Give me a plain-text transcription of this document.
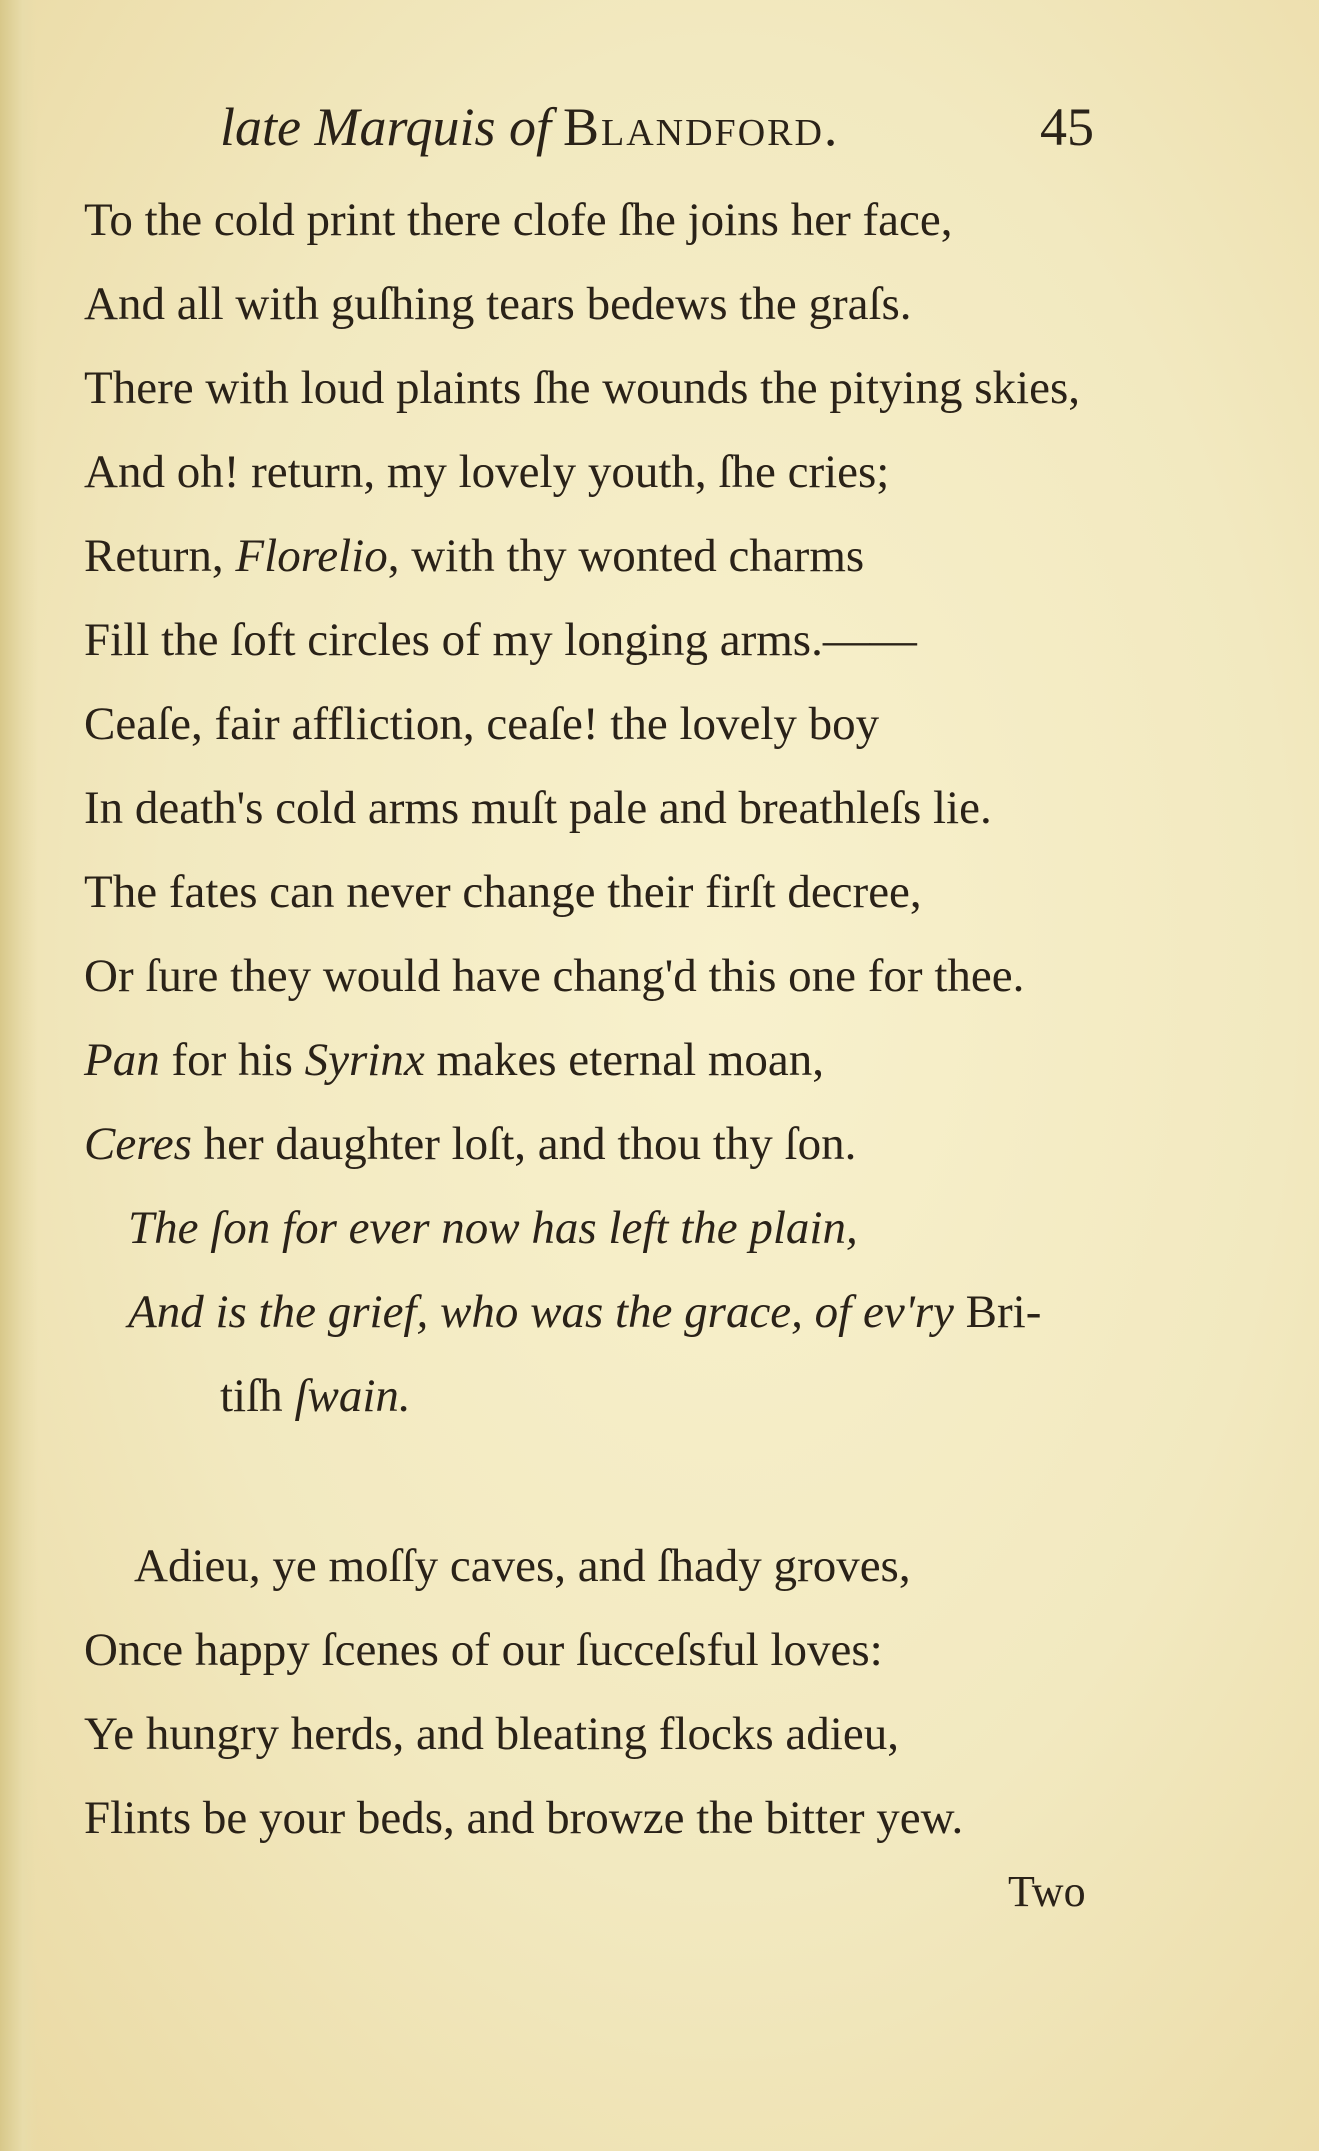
late Marquis of Blandford.	45
To the cold print there clofe ſhe joins her face,
And all with guſhing tears bedews the graſs.
There with loud plaints ſhe wounds the pitying skies,
And oh! return, my lovely youth, ſhe cries;
Return, Florelio, with thy wonted charms
Fill the ſoft circles of my longing arms.——
Ceaſe, fair affliction, ceaſe! the lovely boy
In death's cold arms muſt pale and breathleſs lie.
The fates can never change their firſt decree,
Or ſure they would have chang'd this one for thee.
Pan for his Syrinx makes eternal moan,
Ceres her daughter loſt, and thou thy ſon.
The ſon for ever now has left the plain,
And is the grief, who was the grace, of ev'ry Bri-
tiſh ſwain.
Adieu, ye moſſy caves, and ſhady groves,
Once happy ſcenes of our ſucceſsful loves:
Ye hungry herds, and bleating flocks adieu,
Flints be your beds, and browze the bitter yew.
Two
